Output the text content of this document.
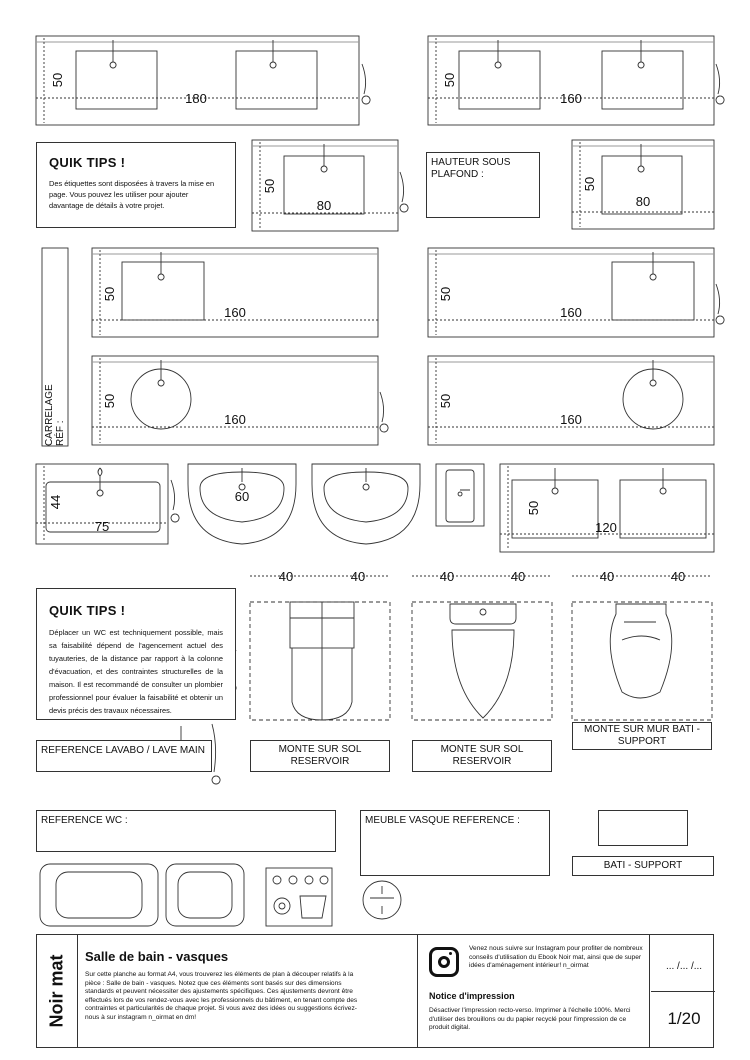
180	160
50	50
80
50
80
50
160
50
160
50
160
50
160
50
44
75
60
120
50
40	40	40	40	40	40
QUIK TIPS !

Des étiquettes sont disposées à travers la mise en page. Vous pouvez les utiliser pour ajouter davantage de détails à votre projet.

QUIK TIPS !

Déplacer un WC est techniquement possible, mais sa faisabilité dépend de l'agencement actuel des tuyauteries, de la distance par rapport à la colonne d'évacuation, et des contraintes structurelles de la maison. Il est recommandé de consulter un plombier professionnel pour évaluer la faisabilité et obtenir un devis précis des travaux nécessaires.

HAUTEUR SOUS PLAFOND :
CARRELAGE RÉF :
REFERENCE LAVABO / LAVE MAIN	MONTE SUR SOL RESERVOIR
MONTE SUR SOL RESERVOIR
MONTE SUR MUR BATI - SUPPORT
REFERENCE WC :	MEUBLE VASQUE REFERENCE :
BATI - SUPPORT
Noir mat Salle de bain - vasques
Sur cette planche au format A4, vous trouverez les éléments de plan à découper relatifs à la pièce : Salle de bain - vasques. Notez que ces éléments sont basés sur des dimensions standards et peuvent nécessiter des ajustements spécifiques. Ces ajustements devront être effectués lors de vos rendez-vous avec les professionnels du bâtiment, en tenant compte des contraintes et particularités de chaque projet. Si vous avez des idées ou suggestions écrivez-nous à sur instagram n_oirmat en dm!
Venez nous suivre sur Instagram pour profiter de nombreux conseils d'utilisation du Ebook Noir mat, ainsi que de super idées d'aménagement intérieur! n_oirmat
Notice d'impression
Désactiver l'impression recto-verso. Imprimer à l'échelle 100%. Merci d'utiliser des brouillons ou du papier recyclé pour l'impression de ce produit digital.
... /... /...
1/20
